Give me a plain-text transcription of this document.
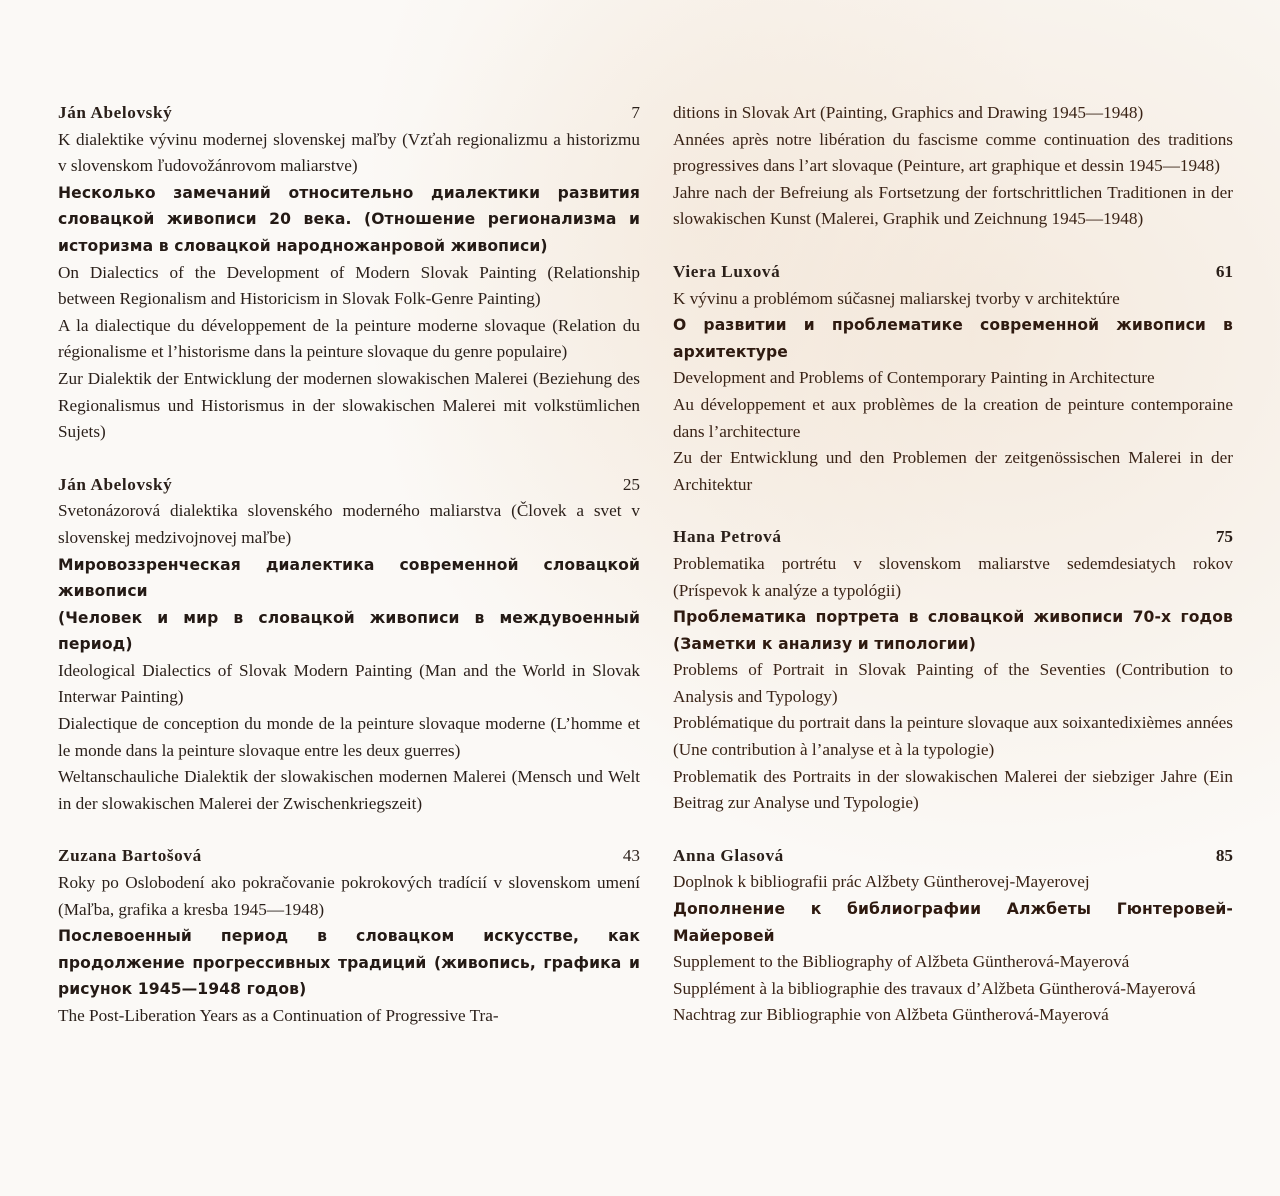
Ján Abelovský	7

K dialektike vývinu modernej slovenskej maľby (Vzťah regionalizmu a historizmu v slovenskom ľudovožánrovom maliarstve)

Несколько замечаний относительно диалектики развития словацкой живописи 20 века. (Отношение регионализма и историзма в словацкой народножанровой живописи)

On Dialectics of the Development of Modern Slovak Painting (Relationship between Regionalism and Historicism in Slovak Folk-Genre Painting)

A la dialectique du développement de la peinture moderne slovaque (Relation du régionalisme et l’historisme dans la peinture slovaque du genre populaire)

Zur Dialektik der Entwicklung der modernen slowakischen Malerei (Beziehung des Regionalismus und Historismus in der slowakischen Malerei mit volkstümlichen Sujets)

Ján Abelovský	25

Svetonázorová dialektika slovenského moderného maliarstva (Človek a svet v slovenskej medzivojnovej maľbe)

Мировоззренческая диалектика современной словацкой живописи

(Человек и мир в словацкой живописи в междувоенный период)

Ideological Dialectics of Slovak Modern Painting (Man and the World in Slovak Interwar Painting)

Dialectique de conception du monde de la peinture slovaque moderne (L’homme et le monde dans la peinture slovaque entre les deux guerres)

Weltanschauliche Dialektik der slowakischen modernen Malerei (Mensch und Welt in der slowakischen Malerei der Zwischenkriegszeit)

Zuzana Bartošová	43

Roky po Oslobodení ako pokračovanie pokrokových tradícií v slovenskom umení (Maľba, grafika a kresba 1945—1948)

Послевоенный период в словацком искусстве, как продолжение прогрессивных традиций (живопись, графика и рисунок 1945—1948 годов)

The Post-Liberation Years as a Continuation of Progressive Tra-

ditions in Slovak Art (Painting, Graphics and Drawing 1945—1948)

Années après notre libération du fascisme comme continuation des traditions progressives dans l’art slovaque (Peinture, art graphique et dessin 1945—1948)

Jahre nach der Befreiung als Fortsetzung der fortschrittlichen Traditionen in der slowakischen Kunst (Malerei, Graphik und Zeichnung 1945—1948)

Viera Luxová	61

K vývinu a problémom súčasnej maliarskej tvorby v architektúre

О развитии и проблематике современной живописи в архитектуре

Development and Problems of Contemporary Painting in Architecture

Au développement et aux problèmes de la creation de peinture contemporaine dans l’architecture

Zu der Entwicklung und den Problemen der zeitgenössischen Malerei in der Architektur

Hana Petrová	75

Problematika portrétu v slovenskom maliarstve sedemdesiatych rokov (Príspevok k analýze a typológii)

Проблематика портрета в словацкой живописи 70-х годов (Заметки к анализу и типологии)

Problems of Portrait in Slovak Painting of the Seventies (Contribution to Analysis and Typology)

Problématique du portrait dans la peinture slovaque aux soixantedixièmes années (Une contribution à l’analyse et à la typologie)

Problematik des Portraits in der slowakischen Malerei der siebziger Jahre (Ein Beitrag zur Analyse und Typologie)

Anna Glasová	85

Doplnok k bibliografii prác Alžbety Güntherovej-Mayerovej

Дополнение к библиографии Алжбеты Гюнтеровей-Майеровей

Supplement to the Bibliography of Alžbeta Güntherová-Mayerová

Supplément à la bibliographie des travaux d’Alžbeta Güntherová-Mayerová

Nachtrag zur Bibliographie von Alžbeta Güntherová-Mayerová
